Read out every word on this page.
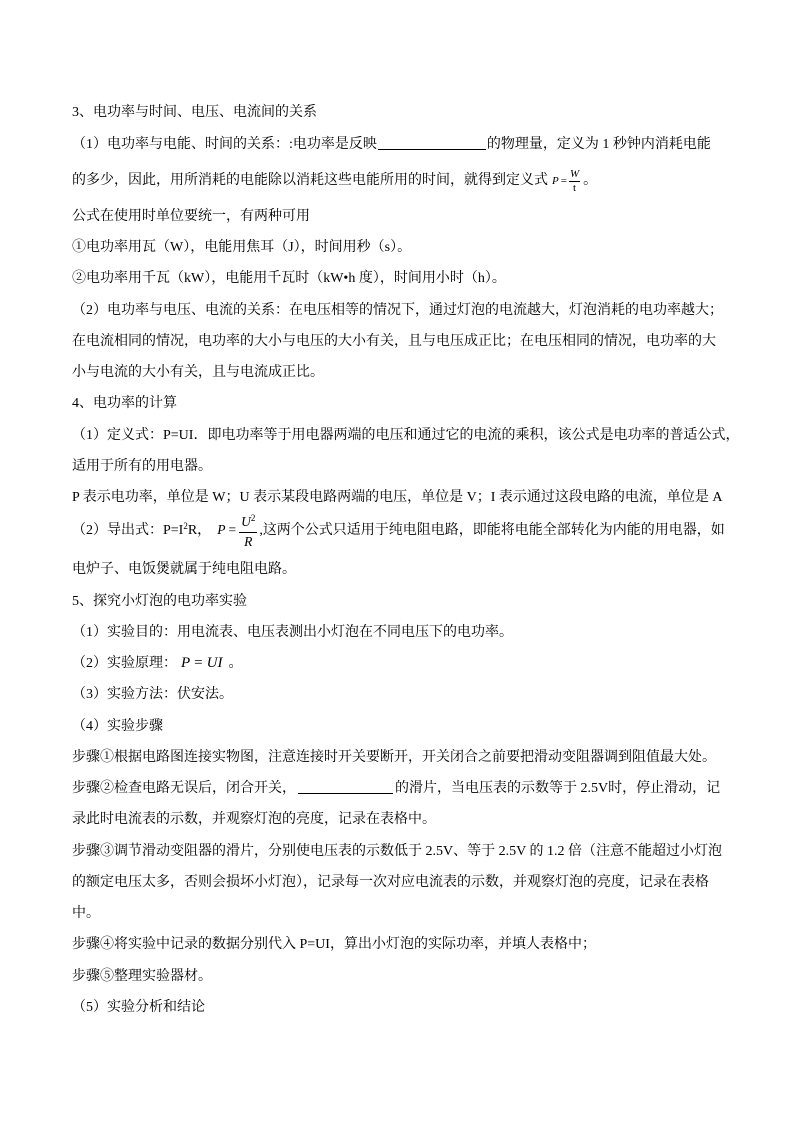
3、电功率与时间、电压、电流间的关系
（1）电功率与电能、时间的关系：:电功率是反映	的物理量，定义为 1 秒钟内消耗电能
的多少，因此，用所消耗的电能除以消耗这些电能所用的时间，就得到定义式 $P = \frac{W}{t}$ 。
公式在使用时单位要统一，有两种可用
①电功率用瓦（W），电能用焦耳（J），时间用秒（s）。
②电功率用千瓦（kW），电能用千瓦时（kW•h 度），时间用小时（h）。
（2）电功率与电压、电流的关系：在电压相等的情况下，通过灯泡的电流越大，灯泡消耗的电功率越大；
在电流相同的情况，电功率的大小与电压的大小有关，且与电压成正比；在电压相同的情况，电功率的大
小与电流的大小有关，且与电流成正比。
4、电功率的计算
（1）定义式：P=UI．即电功率等于用电器两端的电压和通过它的电流的乘积，该公式是电功率的普适公式，
适用于所有的用电器。
P 表示电功率，单位是 W；U 表示某段电路两端的电压，单位是 V；I 表示通过这段电路的电流，单位是 A
（2）导出式：$P=I^2R$， $P = \frac{U^2}{R}$ ,这两个公式只适用于纯电阻电路，即能将电能全部转化为内能的用电器，如
电炉子、电饭煲就属于纯电阻电路。
5、探究小灯泡的电功率实验
（1）实验目的：用电流表、电压表测出小灯泡在不同电压下的电功率。
（2）实验原理： P = UI 。
（3）实验方法：伏安法。
（4）实验步骤
步骤①根据电路图连接实物图，注意连接时开关要断开，开关闭合之前要把滑动变阻器调到阻值最大处。
步骤②检查电路无误后，闭合开关，	的滑片，当电压表的示数等于 2.5V时，停止滑动，记
录此时电流表的示数，并观察灯泡的亮度，记录在表格中。
步骤③调节滑动变阻器的滑片，分别使电压表的示数低于 2.5V、等于 2.5V 的 1.2 倍（注意不能超过小灯泡
的额定电压太多，否则会损坏小灯泡），记录每一次对应电流表的示数，并观察灯泡的亮度，记录在表格
中。
步骤④将实验中记录的数据分别代入 P=UI，算出小灯泡的实际功率，并填人表格中；
步骤⑤整理实验器材。
（5）实验分析和结论
